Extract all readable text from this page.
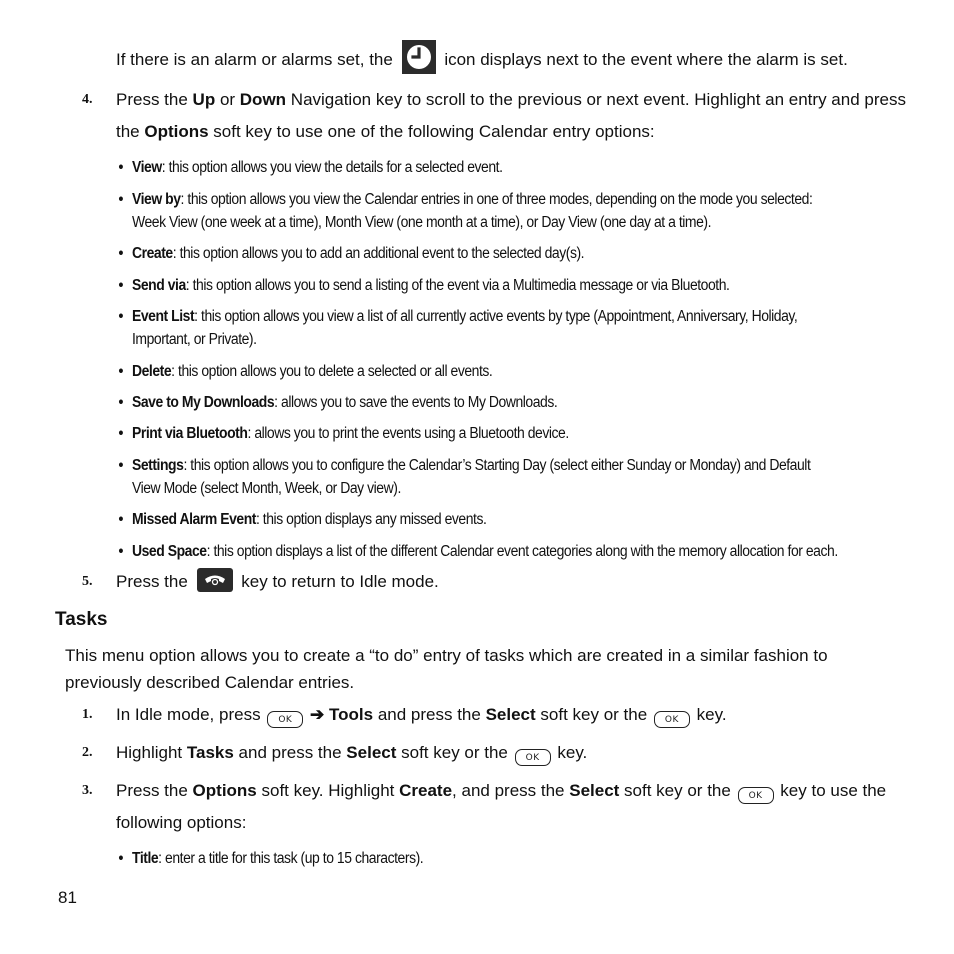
If there is an alarm or alarms set, the	icon displays next to the event where the alarm is set.
4. Press the Up or Down Navigation key to scroll to the previous or next event. Highlight an entry and press
the Options soft key to use one of the following Calendar entry options:
• View: this option allows you view the details for a selected event.
• View by: this option allows you view the Calendar entries in one of three modes, depending on the mode you selected:
Week View (one week at a time), Month View (one month at a time), or Day View (one day at a time).
• Create: this option allows you to add an additional event to the selected day(s).
• Send via: this option allows you to send a listing of the event via a Multimedia message or via Bluetooth.
• Event List: this option allows you view a list of all currently active events by type (Appointment, Anniversary, Holiday,
Important, or Private).
• Delete: this option allows you to delete a selected or all events.
• Save to My Downloads: allows you to save the events to My Downloads.
• Print via Bluetooth: allows you to print the events using a Bluetooth device.
• Settings: this option allows you to configure the Calendar’s Starting Day (select either Sunday or Monday) and Default
View Mode (select Month, Week, or Day view).
• Missed Alarm Event: this option displays any missed events.
• Used Space: this option displays a list of the different Calendar event categories along with the memory allocation for each.
5. Press the	key to return to Idle mode.
Tasks
This menu option allows you to create a “to do” entry of tasks which are created in a similar fashion to
previously described Calendar entries.
1. In Idle mode, press OK ➔ Tools and press the Select soft key or the OK key.
2. Highlight Tasks and press the Select soft key or the OK key.
3. Press the Options soft key. Highlight Create, and press the Select soft key or the OK key to use the
following options:
• Title: enter a title for this task (up to 15 characters).
81
